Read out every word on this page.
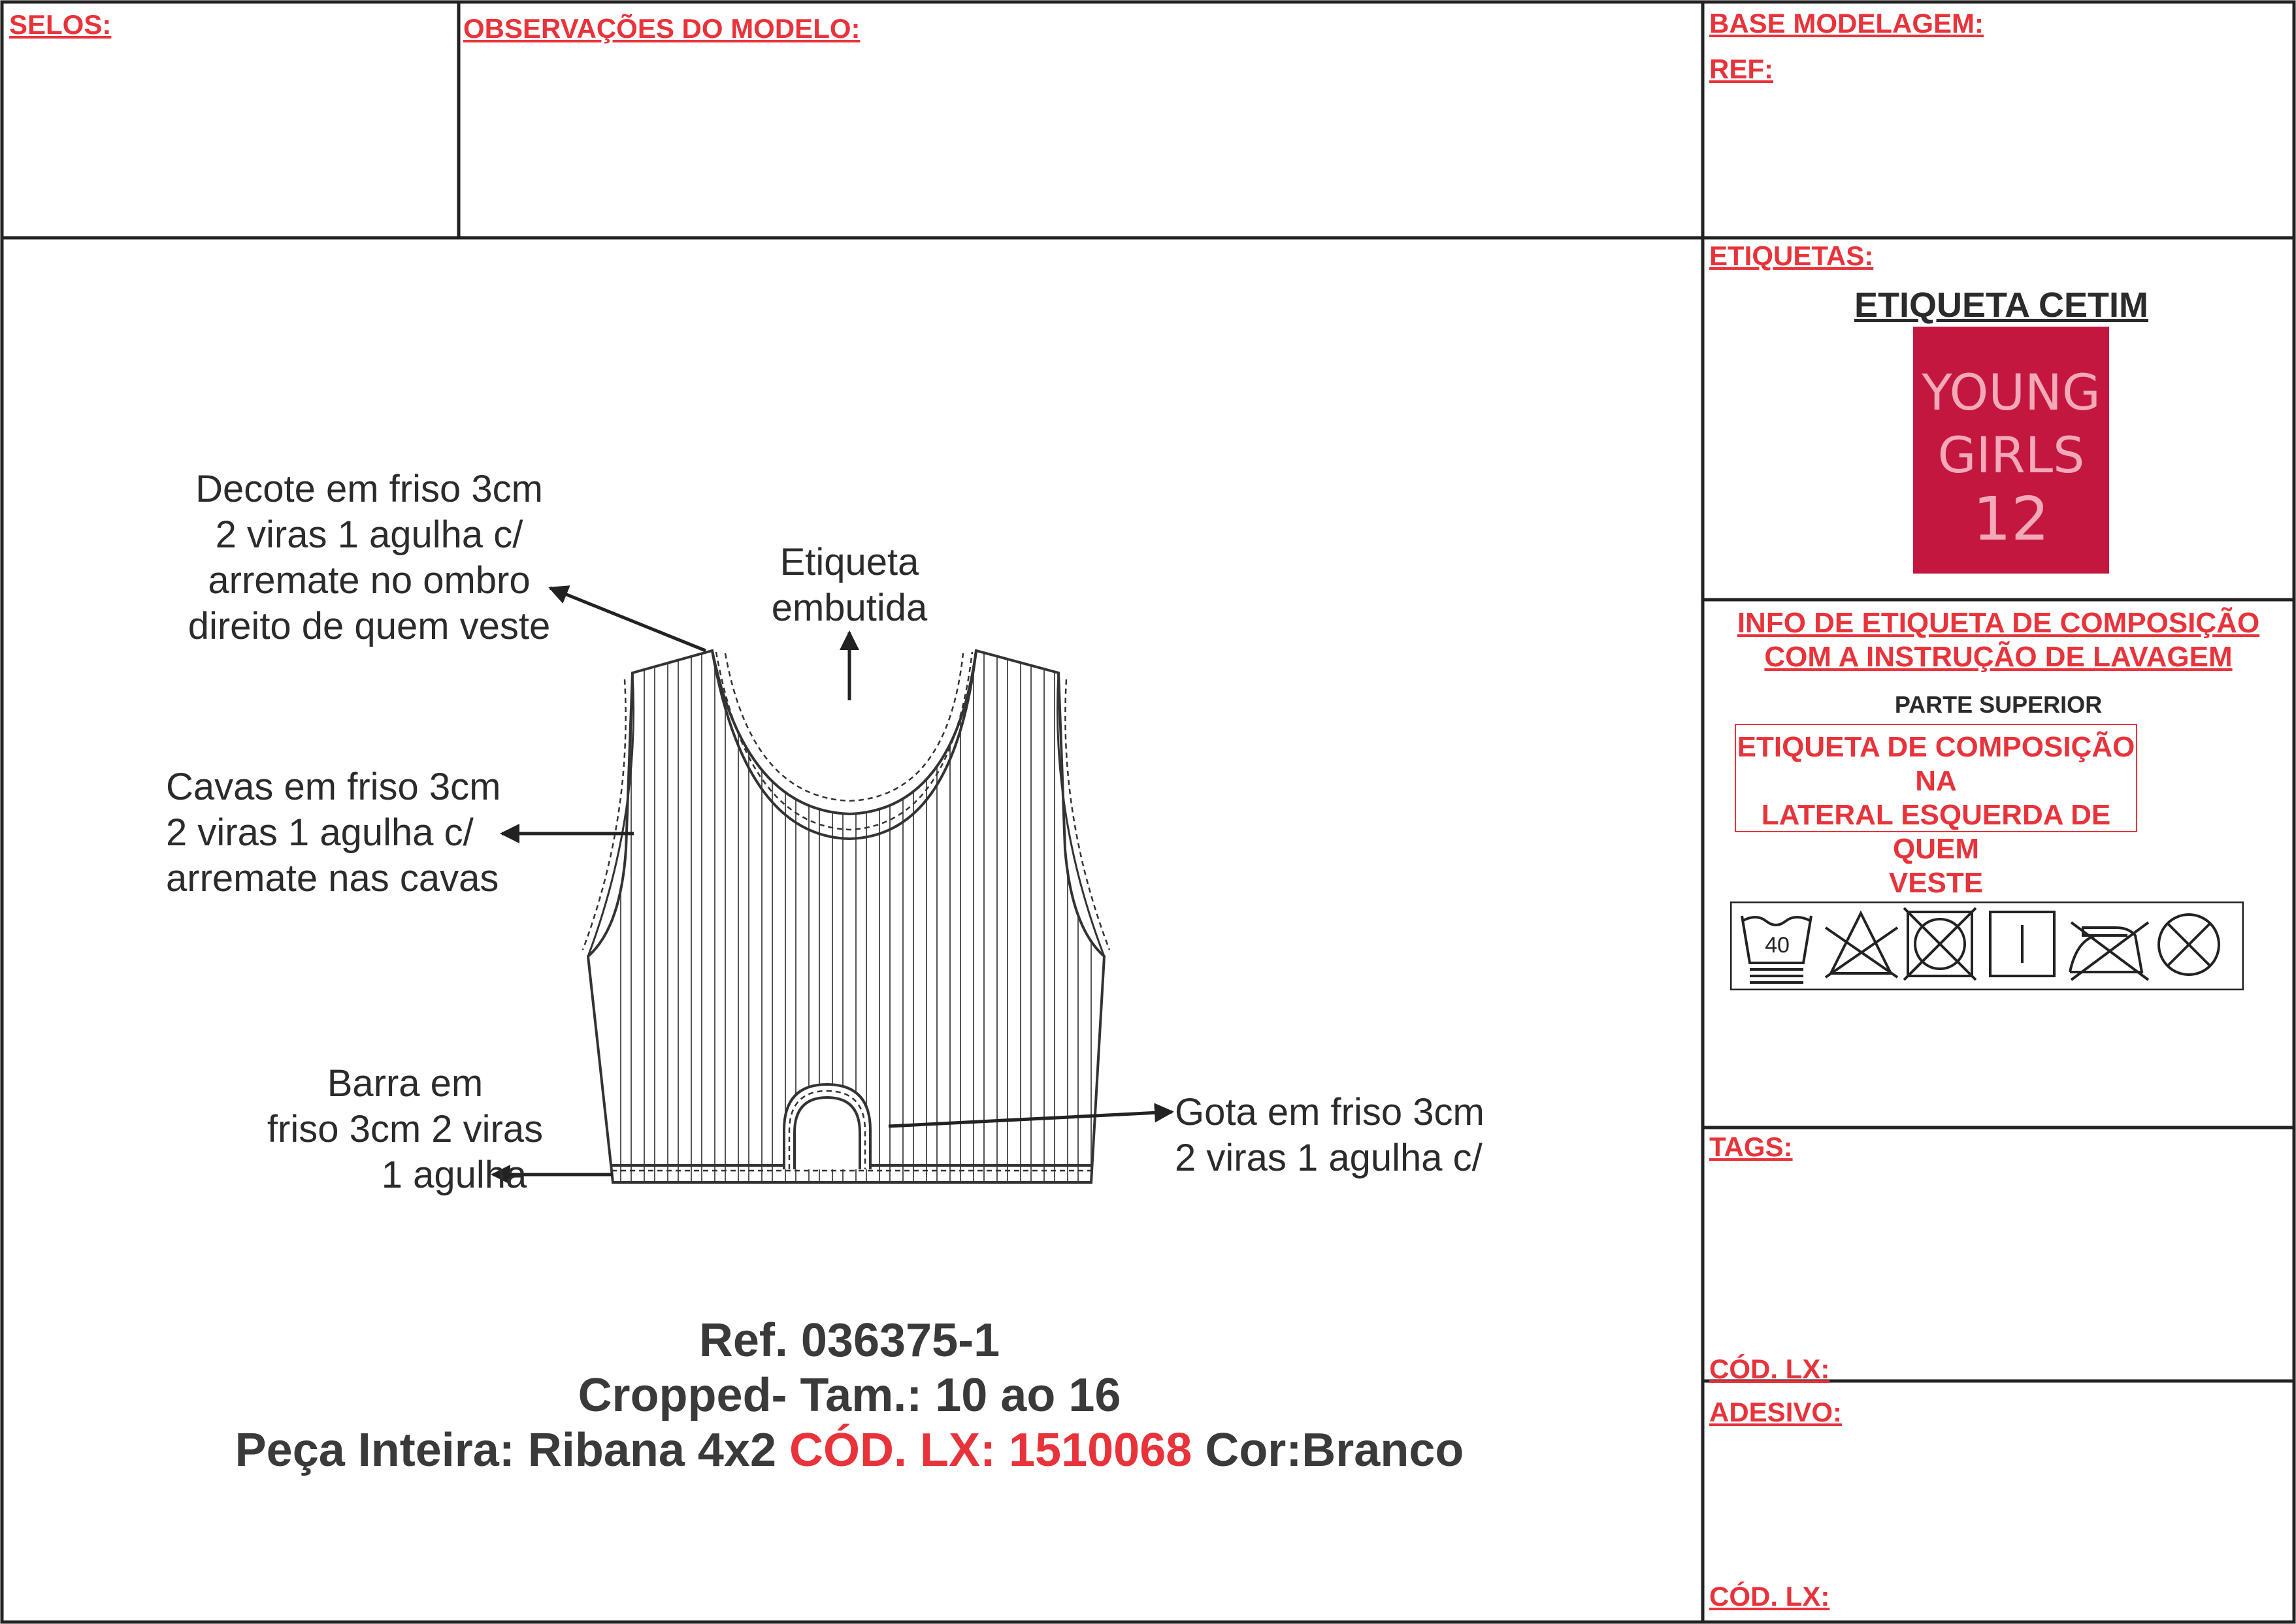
SELOS:	OBSERVAÇÕES DO MODELO:	BASE MODELAGEM:
REF:
ETIQUETAS:
TAGS:
CÓD. LX:
ADESIVO:
CÓD. LX:
ETIQUETA CETIM
YOUNG
GIRLS
12
INFO DE ETIQUETA DE COMPOSIÇÃO
COM A INSTRUÇÃO DE LAVAGEM
PARTE SUPERIOR
ETIQUETA DE COMPOSIÇÃO NA
LATERAL ESQUERDA DE QUEM
VESTE
40
Decote em friso 3cm
2 viras 1 agulha c/
arremate no ombro
direito de quem veste
Etiqueta
embutida
Cavas em friso 3cm
2 viras 1 agulha c/
arremate nas cavas
Barra em
friso 3cm 2 viras
1 agulha
Gota em friso 3cm
2 viras 1 agulha c/
Ref. 036375-1
Cropped- Tam.: 10 ao 16
Peça Inteira: Ribana 4x2 CÓD. LX: 1510068 Cor:Branco
